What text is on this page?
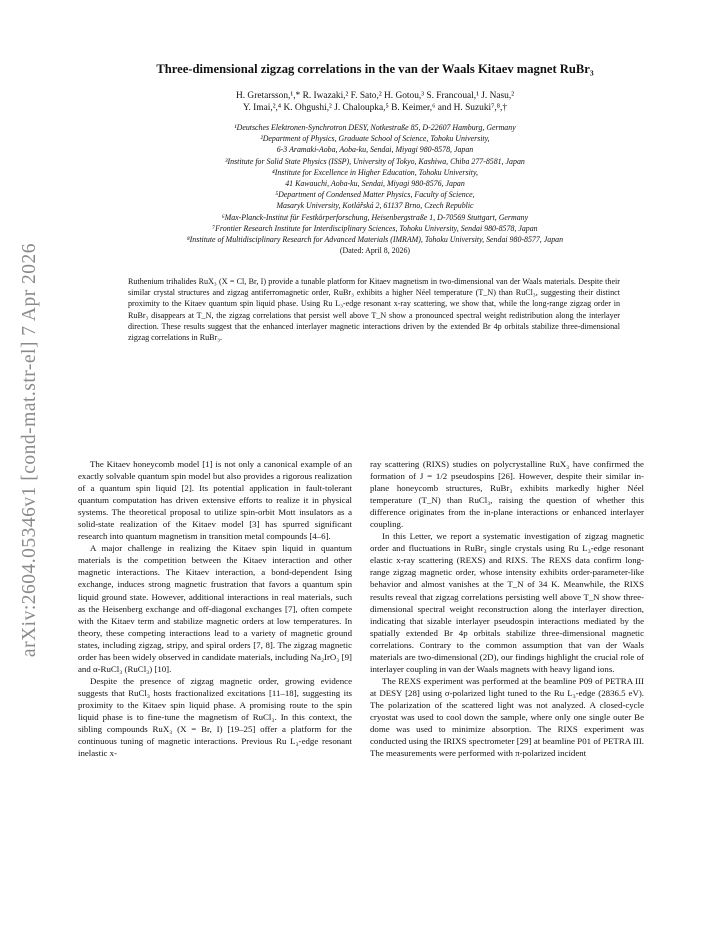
arXiv:2604.05346v1 [cond-mat.str-el] 7 Apr 2026
Three-dimensional zigzag correlations in the van der Waals Kitaev magnet RuBr₃
H. Gretarsson,¹,* R. Iwazaki,² F. Sato,² H. Gotou,³ S. Francoual,¹ J. Nasu,²
Y. Imai,²,⁴ K. Ohgushi,² J. Chaloupka,⁵ B. Keimer,⁶ and H. Suzuki⁷,⁸,†
¹Deutsches Elektronen-Synchrotron DESY, Notkestraße 85, D-22607 Hamburg, Germany
²Department of Physics, Graduate School of Science, Tohoku University,
6-3 Aramaki-Aoba, Aoba-ku, Sendai, Miyagi 980-8578, Japan
³Institute for Solid State Physics (ISSP), University of Tokyo, Kashiwa, Chiba 277-8581, Japan
⁴Institute for Excellence in Higher Education, Tohoku University,
41 Kawauchi, Aoba-ku, Sendai, Miyagi 980-8576, Japan
⁵Department of Condensed Matter Physics, Faculty of Science,
Masaryk University, Kotlářská 2, 61137 Brno, Czech Republic
⁶Max-Planck-Institut für Festkörperforschung, Heisenbergstraße 1, D-70569 Stuttgart, Germany
⁷Frontier Research Institute for Interdisciplinary Sciences, Tohoku University, Sendai 980-8578, Japan
⁸Institute of Multidisciplinary Research for Advanced Materials (IMRAM), Tohoku University, Sendai 980-8577, Japan
(Dated: April 8, 2026)
Ruthenium trihalides RuX₃ (X = Cl, Br, I) provide a tunable platform for Kitaev magnetism in two-dimensional van der Waals materials. Despite their similar crystal structures and zigzag antiferromagnetic order, RuBr₃ exhibits a higher Néel temperature (T_N) than RuCl₃, suggesting their distinct proximity to the Kitaev quantum spin liquid phase. Using Ru L₃-edge resonant x-ray scattering, we show that, while the long-range zigzag order in RuBr₃ disappears at T_N, the zigzag correlations that persist well above T_N show a pronounced spectral weight redistribution along the interlayer direction. These results suggest that the enhanced interlayer magnetic interactions driven by the extended Br 4p orbitals stabilize three-dimensional zigzag correlations in RuBr₃.

The Kitaev honeycomb model [1] is not only a canonical example of an exactly solvable quantum spin model but also provides a rigorous realization of a quantum spin liquid [2]. Its potential application in fault-tolerant quantum computation has driven extensive efforts to realize it in physical systems. The theoretical proposal to utilize spin-orbit Mott insulators as a solid-state realization of the Kitaev model [3] has spurred significant research into quantum magnetism in transition metal compounds [4–6].

A major challenge in realizing the Kitaev spin liquid in quantum materials is the competition between the Kitaev interaction and other magnetic interactions. The Kitaev interaction, a bond-dependent Ising exchange, induces strong magnetic frustration that favors a quantum spin liquid ground state. However, additional interactions in real materials, such as the Heisenberg exchange and off-diagonal exchanges [7], often compete with the Kitaev term and stabilize magnetic orders at low temperatures. In theory, these competing interactions lead to a variety of magnetic ground states, including zigzag, stripy, and spiral orders [7, 8]. The zigzag magnetic order has been widely observed in candidate materials, including Na₂IrO₃ [9] and α-RuCl₃ (RuCl₃) [10].

Despite the presence of zigzag magnetic order, growing evidence suggests that RuCl₃ hosts fractionalized excitations [11–18], suggesting its proximity to the Kitaev spin liquid phase. A promising route to the spin liquid phase is to fine-tune the magnetism of RuCl₃. In this context, the sibling compounds RuX₃ (X = Br, I) [19–25] offer a platform for the continuous tuning of magnetic interactions. Previous Ru L₃-edge resonant inelastic x-

ray scattering (RIXS) studies on polycrystalline RuX₃ have confirmed the formation of J = 1/2 pseudospins [26]. However, despite their similar in-plane honeycomb structures, RuBr₃ exhibits markedly higher Néel temperature (T_N) than RuCl₃, raising the question of whether this difference originates from the in-plane interactions or enhanced interlayer coupling.

In this Letter, we report a systematic investigation of zigzag magnetic order and fluctuations in RuBr₃ single crystals using Ru L₃-edge resonant elastic x-ray scattering (REXS) and RIXS. The REXS data confirm long-range zigzag magnetic order, whose intensity exhibits order-parameter-like behavior and almost vanishes at the T_N of 34 K. Meanwhile, the RIXS results reveal that zigzag correlations persisting well above T_N show three-dimensional spectral weight reconstruction along the interlayer direction, indicating that sizable interlayer pseudospin interactions mediated by the spatially extended Br 4p orbitals stabilize three-dimensional magnetic correlations. Contrary to the common assumption that van der Waals materials are two-dimensional (2D), our findings highlight the crucial role of interlayer coupling in van der Waals magnets with heavy ligand ions.

The REXS experiment was performed at the beamline P09 of PETRA III at DESY [28] using σ-polarized light tuned to the Ru L₃-edge (2836.5 eV). The polarization of the scattered light was not analyzed. A closed-cycle cryostat was used to cool down the sample, where only one single outer Be dome was used to minimize absorption. The RIXS experiment was conducted using the IRIXS spectrometer [29] at beamline P01 of PETRA III. The measurements were performed with π-polarized incident
